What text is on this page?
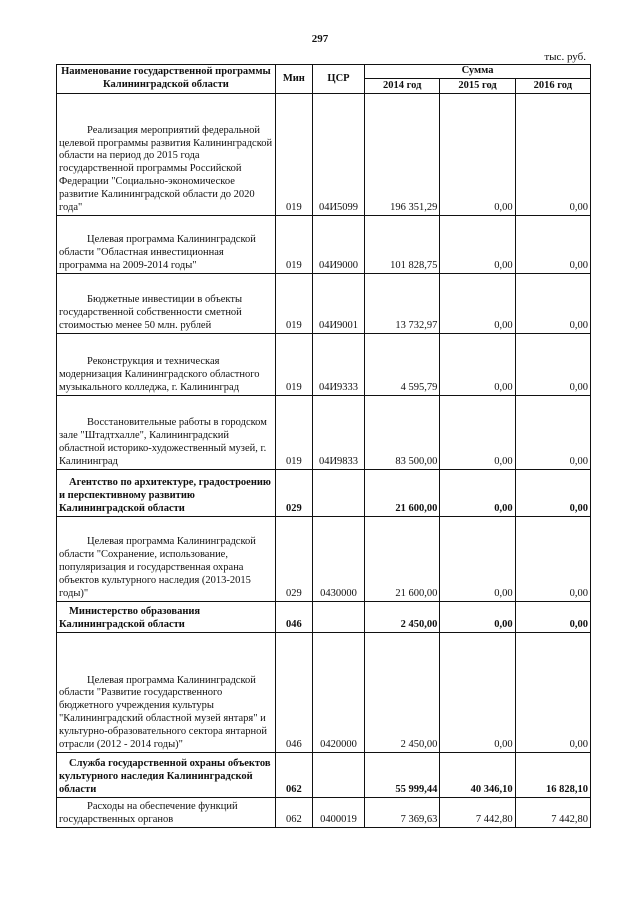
297
тыс. руб.
Наименование государственной программы Калининградской области	Мин	ЦСР	Сумма		
			2014 год	2015 год	2016 год
Реализация мероприятий федеральной целевой программы развития Калининградской области на период до 2015 года государственной программы Российской Федерации "Социально-экономическое развитие Калининградской области до 2020 года"	019	04И5099	196 351,29	0,00	0,00
Целевая программа Калининградской области "Областная инвестиционная программа на 2009-2014 годы"	019	04И9000	101 828,75	0,00	0,00
Бюджетные инвестиции в объекты государственной собственности сметной стоимостью менее 50 млн. рублей	019	04И9001	13 732,97	0,00	0,00
Реконструкция и техническая модернизация Калининградского областного музыкального колледжа, г. Калининград	019	04И9333	4 595,79	0,00	0,00
Восстановительные работы в городском зале "Штадтхалле", Калининградский областной историко-художественный музей, г. Калининград	019	04И9833	83 500,00	0,00	0,00
Агентство по архитектуре, градостроению и перспективному развитию Калининградской области	029		21 600,00	0,00	0,00
Целевая программа Калининградской области "Сохранение, использование, популяризация и государственная охрана объектов культурного наследия (2013-2015 годы)"	029	0430000	21 600,00	0,00	0,00
Министерство образования Калининградской области	046		2 450,00	0,00	0,00
Целевая программа Калининградской области "Развитие государственного бюджетного учреждения культуры "Калининградский областной музей янтаря" и культурно-образовательного сектора янтарной отрасли (2012 - 2014 годы)"	046	0420000	2 450,00	0,00	0,00
Служба государственной охраны объектов культурного наследия Калининградской области	062		55 999,44	40 346,10	16 828,10
Расходы на обеспечение функций государственных органов	062	0400019	7 369,63	7 442,80	7 442,80
